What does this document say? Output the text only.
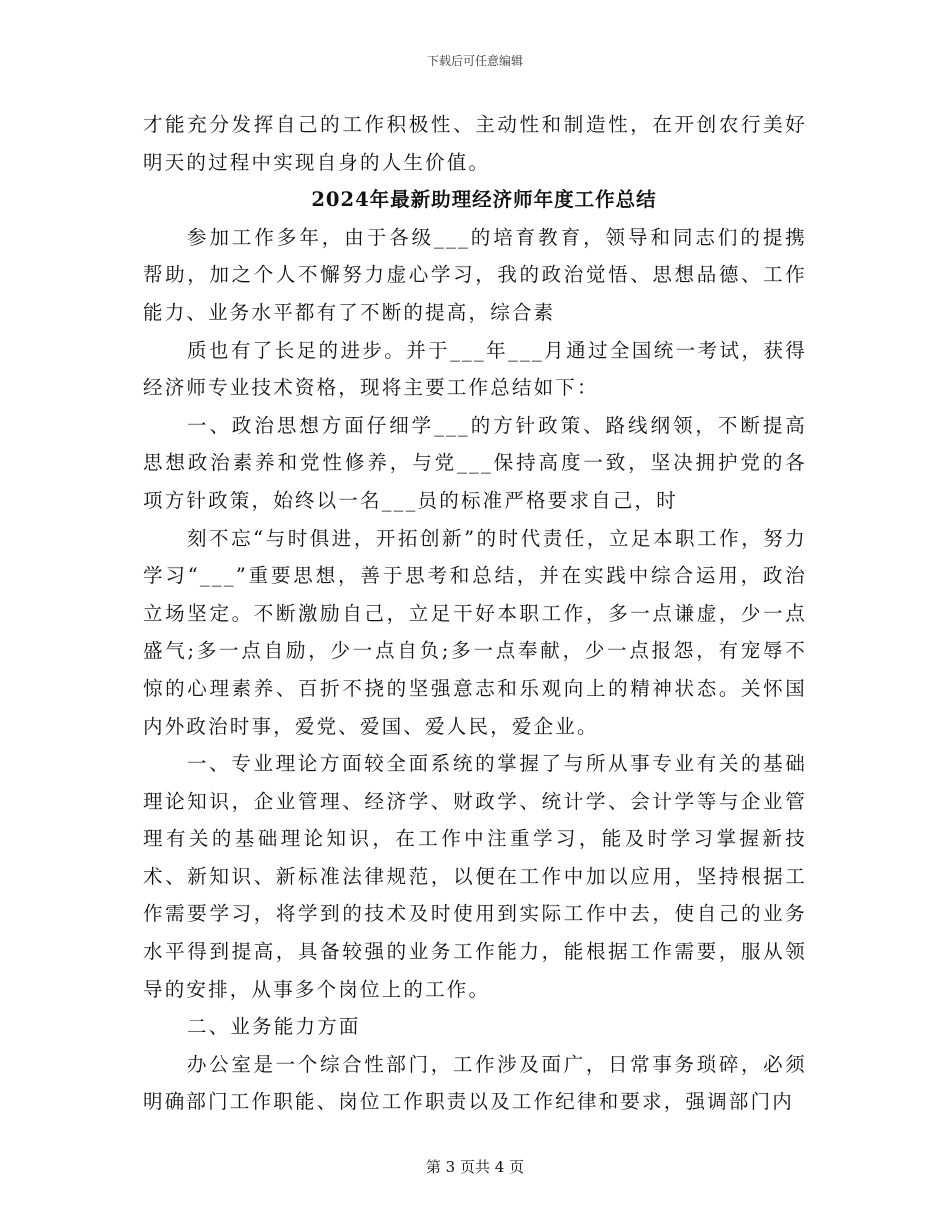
下载后可任意编辑

才能充分发挥自己的工作积极性、主动性和制造性，在开创农行美好明天的过程中实现自身的人生价值。

2024年最新助理经济师年度工作总结

参加工作多年，由于各级___的培育教育，领导和同志们的提携帮助，加之个人不懈努力虚心学习，我的政治觉悟、思想品德、工作能力、业务水平都有了不断的提高，综合素

质也有了长足的进步。并于___年___月通过全国统一考试，获得经济师专业技术资格，现将主要工作总结如下：

一、政治思想方面仔细学___的方针政策、路线纲领，不断提高思想政治素养和党性修养，与党___保持高度一致，坚决拥护党的各项方针政策，始终以一名___员的标准严格要求自己，时

刻不忘“与时俱进，开拓创新”的时代责任，立足本职工作，努力学习“___”重要思想，善于思考和总结，并在实践中综合运用，政治立场坚定。不断激励自己，立足干好本职工作，多一点谦虚，少一点盛气;多一点自励，少一点自负;多一点奉献，少一点报怨，有宠辱不惊的心理素养、百折不挠的坚强意志和乐观向上的精神状态。关怀国内外政治时事，爱党、爱国、爱人民，爱企业。

一、专业理论方面较全面系统的掌握了与所从事专业有关的基础理论知识，企业管理、经济学、财政学、统计学、会计学等与企业管理有关的基础理论知识，在工作中注重学习，能及时学习掌握新技术、新知识、新标准法律规范，以便在工作中加以应用，坚持根据工作需要学习，将学到的技术及时使用到实际工作中去，使自己的业务水平得到提高，具备较强的业务工作能力，能根据工作需要，服从领导的安排，从事多个岗位上的工作。

二、业务能力方面

办公室是一个综合性部门，工作涉及面广，日常事务琐碎，必须明确部门工作职能、岗位工作职责以及工作纪律和要求，强调部门内

第 3 页共 4 页
